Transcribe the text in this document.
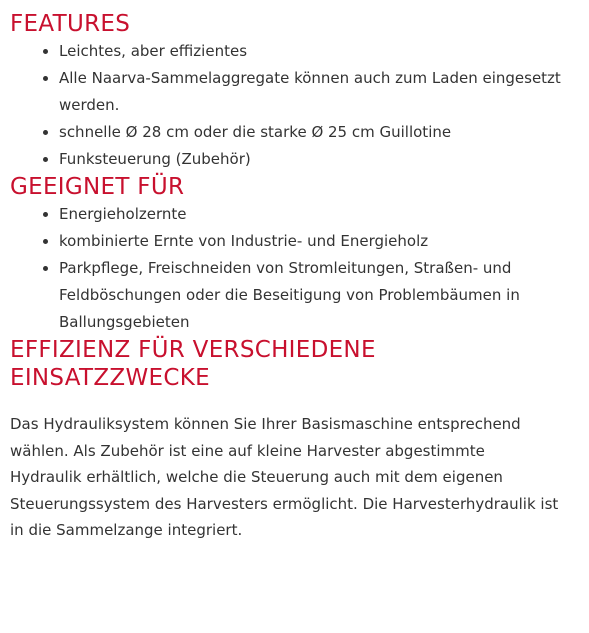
FEATURES
• Leichtes, aber effizientes
• Alle Naarva-Sammelaggregate können auch zum Laden eingesetzt werden.
• schnelle Ø 28 cm oder die starke Ø 25 cm Guillotine
• Funksteuerung (Zubehör)
GEEIGNET FÜR
• Energieholzernte
• kombinierte Ernte von Industrie- und Energieholz
• Parkpflege, Freischneiden von Stromleitungen, Straßen- und Feldböschungen oder die Beseitigung von Problembäumen in Ballungsgebieten
EFFIZIENZ FÜR VERSCHIEDENE
EINSATZZWECKE

Das Hydrauliksystem können Sie Ihrer Basismaschine entsprechend wählen. Als Zubehör ist eine auf kleine Harvester abgestimmte Hydraulik erhältlich, welche die Steuerung auch mit dem eigenen Steuerungssystem des Harvesters ermöglicht. Die Harvesterhydraulik ist in die Sammelzange integriert.
